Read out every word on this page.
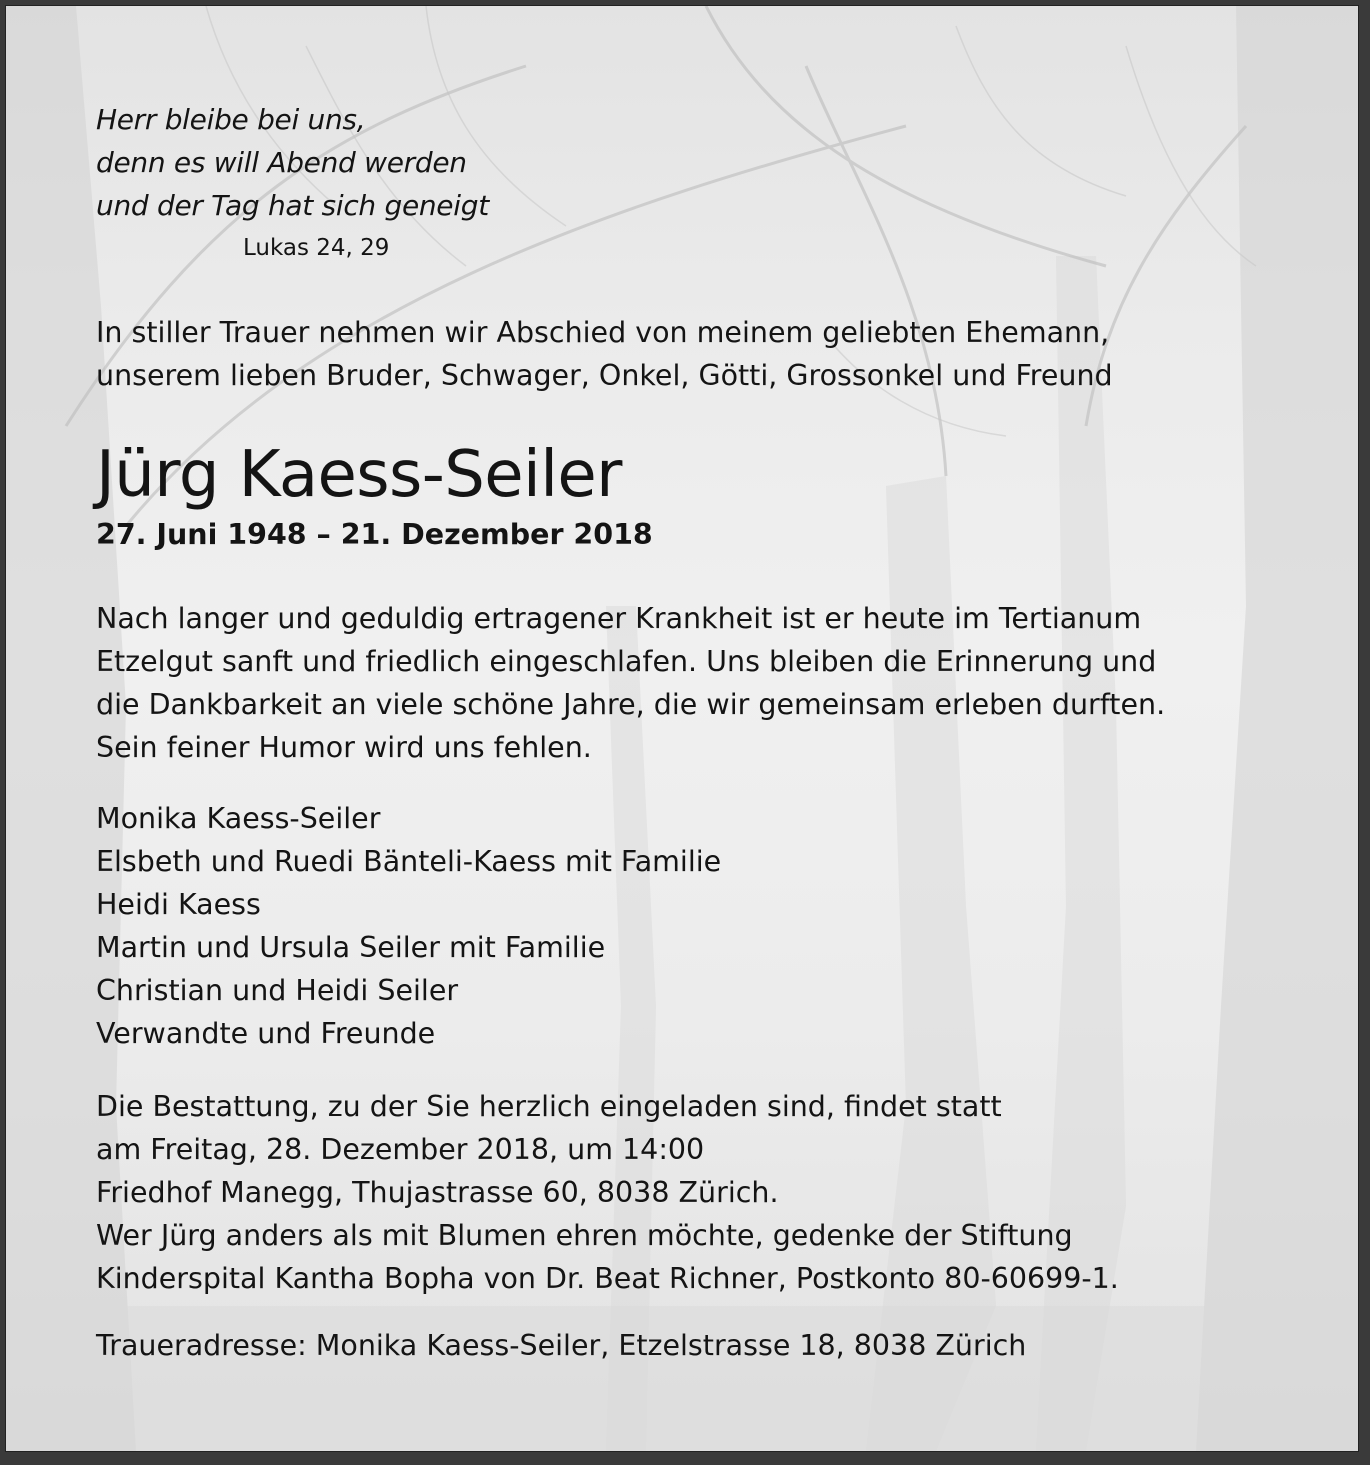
Herr bleibe bei uns,
denn es will Abend werden
und der Tag hat sich geneigt
Lukas 24, 29
In stiller Trauer nehmen wir Abschied von meinem geliebten Ehemann,
unserem lieben Bruder, Schwager, Onkel, Götti, Grossonkel und Freund
Jürg Kaess-Seiler
27. Juni 1948 – 21. Dezember 2018
Nach langer und geduldig ertragener Krankheit ist er heute im Tertianum
Etzelgut sanft und friedlich eingeschlafen. Uns bleiben die Erinnerung und
die Dankbarkeit an viele schöne Jahre, die wir gemeinsam erleben durften.
Sein feiner Humor wird uns fehlen.
Monika Kaess-Seiler
Elsbeth und Ruedi Bänteli-Kaess mit Familie
Heidi Kaess
Martin und Ursula Seiler mit Familie
Christian und Heidi Seiler
Verwandte und Freunde
Die Bestattung, zu der Sie herzlich eingeladen sind, findet statt
am Freitag, 28. Dezember 2018, um 14:00
Friedhof Manegg, Thujastrasse 60, 8038 Zürich.
Wer Jürg anders als mit Blumen ehren möchte, gedenke der Stiftung
Kinderspital Kantha Bopha von Dr. Beat Richner, Postkonto 80-60699-1.
Traueradresse: Monika Kaess-Seiler, Etzelstrasse 18, 8038 Zürich
